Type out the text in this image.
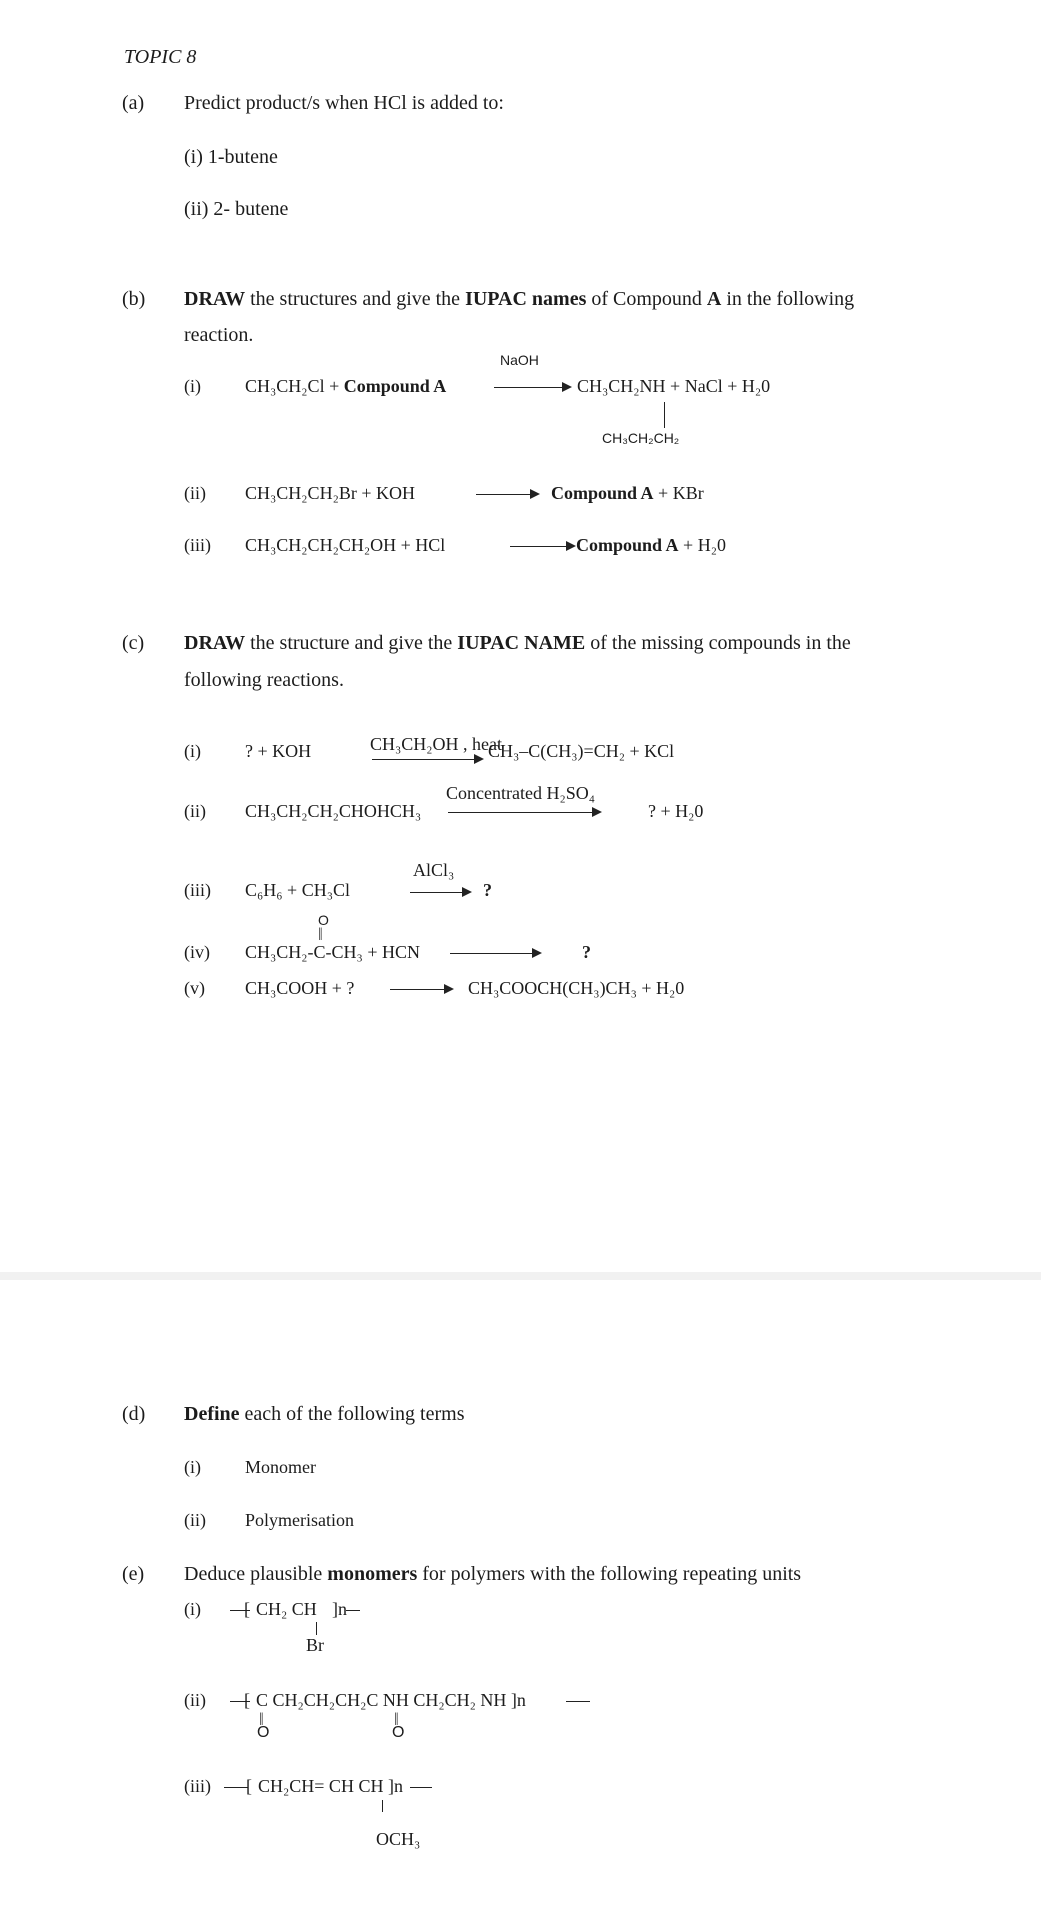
TOPIC 8
(a) Predict product/s when HCl is added to:
(i) 1-butene
(ii) 2- butene
(b) DRAW the structures and give the IUPAC names of Compound A in the following
reaction.
(i) CH₃CH₂Cl + Compound A
NaOH
CH₃CH₂NH + NaCl + H₂0
CH₃CH₂CH₂
(ii) CH₃CH₂CH₂Br + KOH	Compound A + KBr
(iii) CH₃CH₂CH₂CH₂OH + HCl	Compound A + H₂0
(c) DRAW the structure and give the IUPAC NAME of the missing compounds in the
following reactions.
(i) ? + KOH	CH₃CH₂OH , heat
CH₃–C(CH₃)=CH₂ + KCl
(ii) CH₃CH₂CH₂CHOHCH₃
Concentrated H₂SO₄
? + H₂0
(iii) C₆H₆ + CH₃Cl
AlCl₃
?
O
||
(iv) CH₃CH₂-C-CH₃ + HCN	?
(v) CH₃COOH + ?	CH₃COOCH(CH₃)CH₃ + H₂0
(d) Define each of the following terms
(i) Monomer
(ii) Polymerisation
(e) Deduce plausible monomers for polymers with the following repeating units
(i) [ CH₂ CH ]n
Br
(ii) [ C CH₂CH₂CH₂C NH CH₂CH₂ NH ]n
||	||
O	O
(iii) [ CH₂CH= CH CH ]n
OCH₃
